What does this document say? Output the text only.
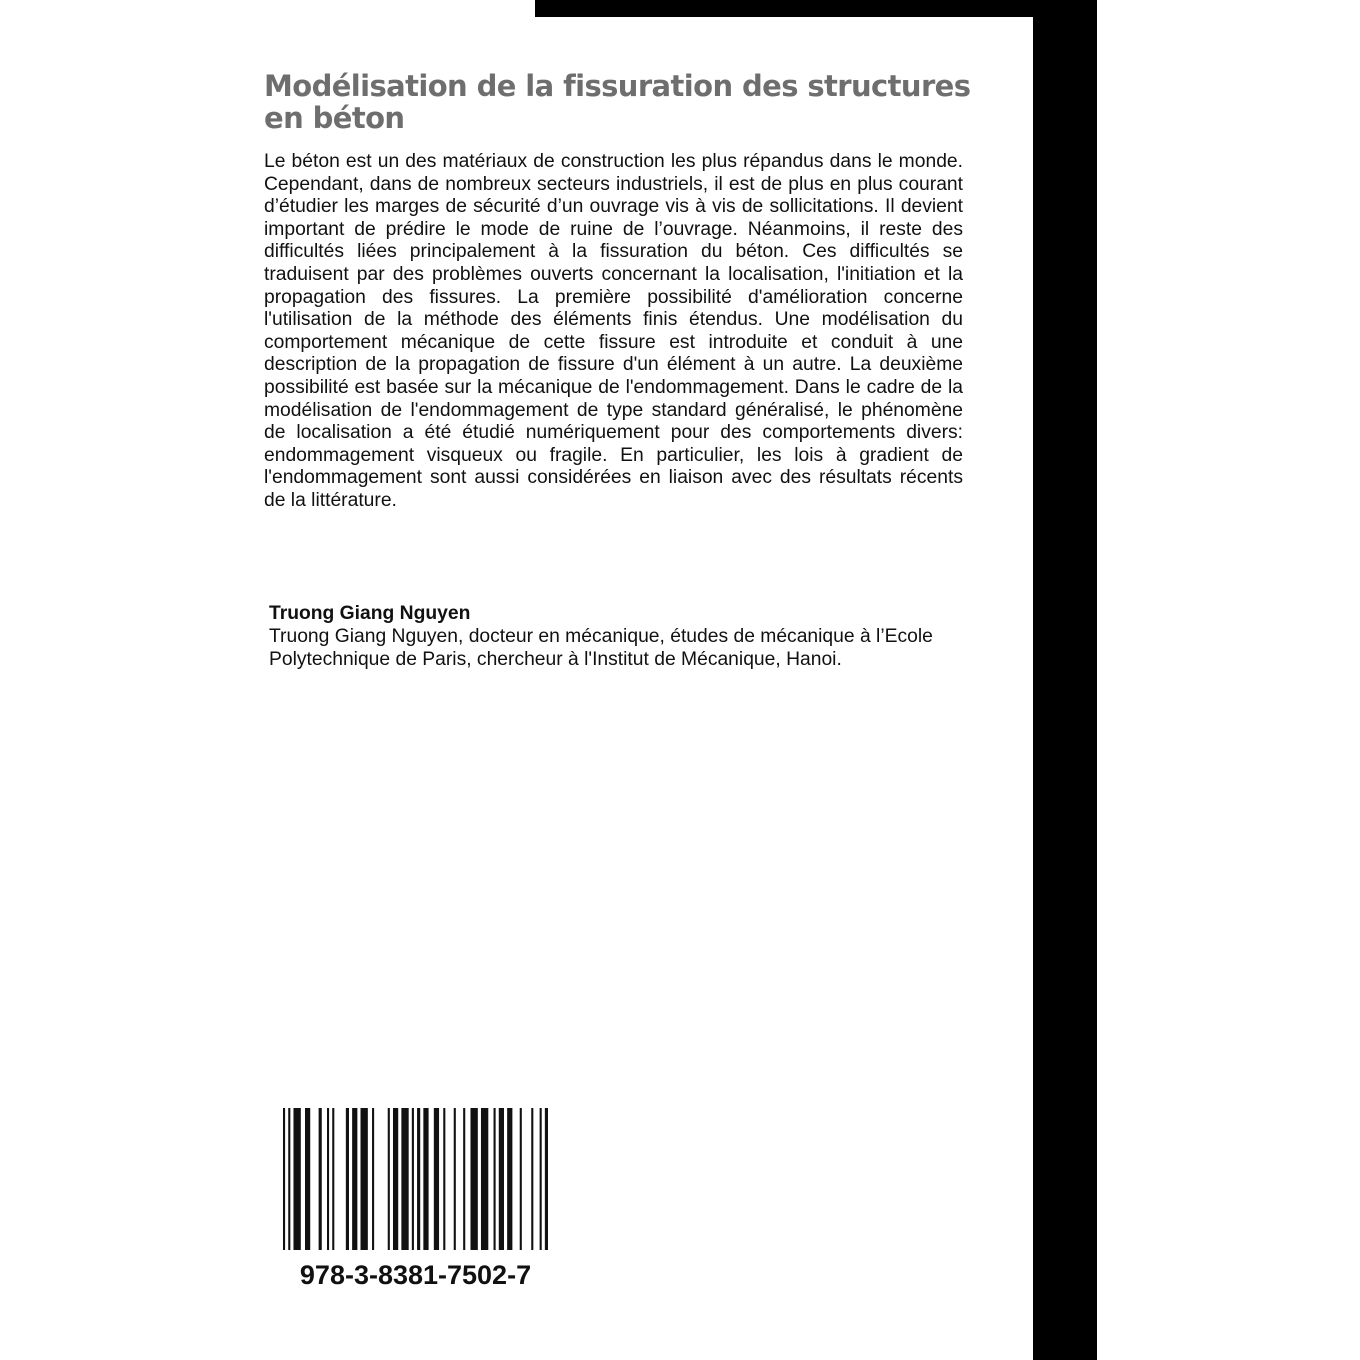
Modélisation de la fissuration des structures en béton

Le béton est un des matériaux de construction les plus répandus dans le monde. Cependant, dans de nombreux secteurs industriels, il est de plus en plus courant d’étudier les marges de sécurité d’un ouvrage vis à vis de sollicitations. Il devient important de prédire le mode de ruine de l’ouvrage. Néanmoins, il reste des difficultés liées principalement à la fissuration du béton. Ces difficultés se traduisent par des problèmes ouverts concernant la localisation, l'initiation et la propagation des fissures. La première possibilité d'amélioration concerne l'utilisation de la méthode des éléments finis étendus. Une modélisation du comportement mécanique de cette fissure est introduite et conduit à une description de la propagation de fissure d'un élément à un autre. La deuxième possibilité est basée sur la mécanique de l'endommagement. Dans le cadre de la modélisation de l'endommagement de type standard généralisé, le phénomène de localisation a été étudié numériquement pour des comportements divers: endommagement visqueux ou fragile. En particulier, les lois à gradient de l'endommagement sont aussi considérées en liaison avec des résultats récents de la littérature.

Truong Giang Nguyen
Truong Giang Nguyen, docteur en mécanique, études de mécanique à l’Ecole Polytechnique de Paris, chercheur à l'Institut de Mécanique, Hanoi.
978-3-8381-7502-7
